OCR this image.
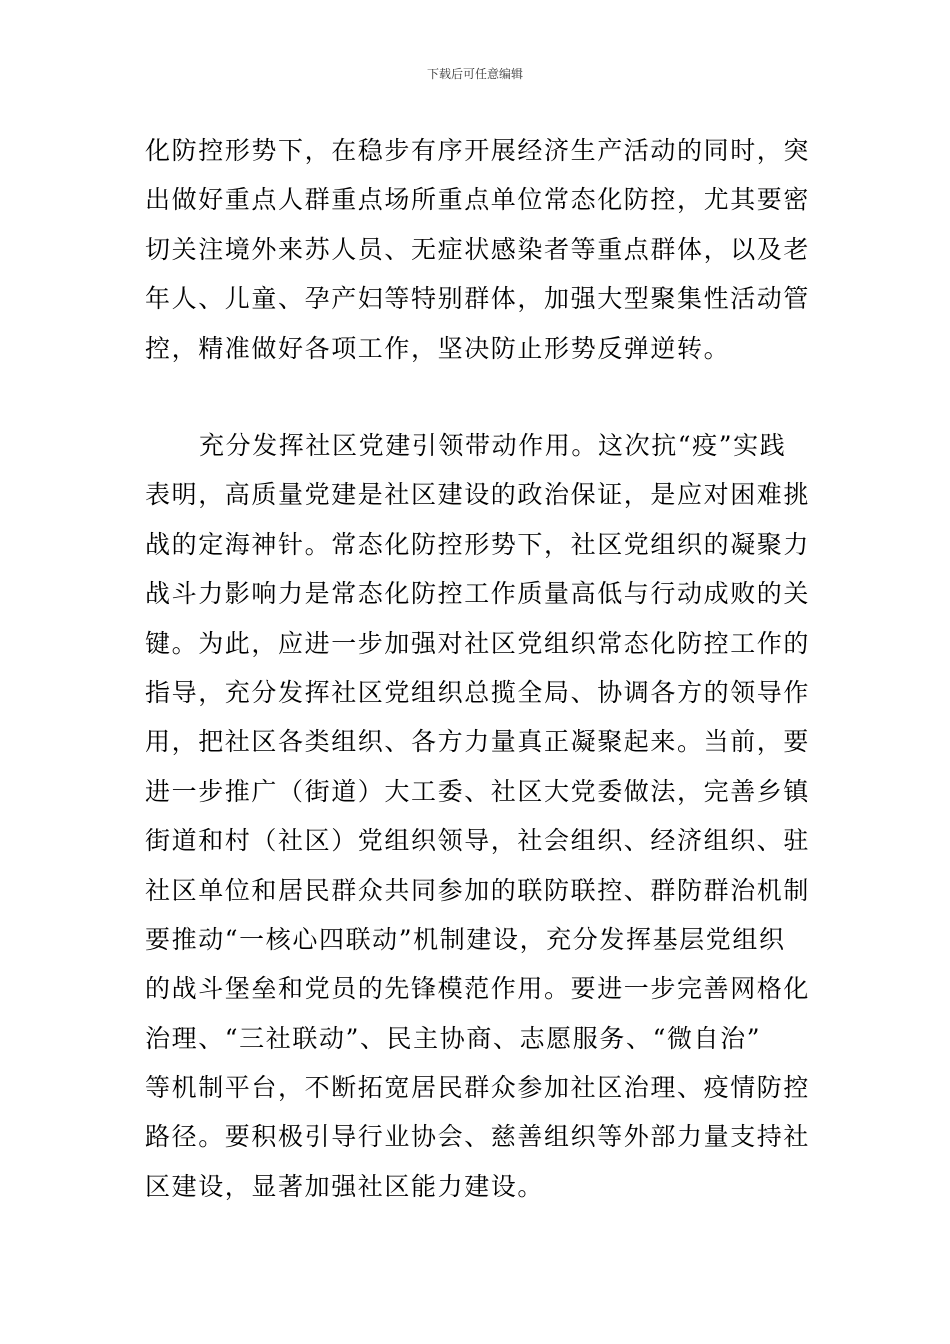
下载后可任意编辑
化防控形势下，在稳步有序开展经济生产活动的同时，突
出做好重点人群重点场所重点单位常态化防控，尤其要密
切关注境外来苏人员、无症状感染者等重点群体，以及老
年人、儿童、孕产妇等特别群体，加强大型聚集性活动管
控，精准做好各项工作，坚决防止形势反弹逆转。
充分发挥社区党建引领带动作用。这次抗“疫”实践
表明，高质量党建是社区建设的政治保证，是应对困难挑
战的定海神针。常态化防控形势下，社区党组织的凝聚力
战斗力影响力是常态化防控工作质量高低与行动成败的关
键。为此，应进一步加强对社区党组织常态化防控工作的
指导，充分发挥社区党组织总揽全局、协调各方的领导作
用，把社区各类组织、各方力量真正凝聚起来。当前，要
进一步推广（街道）大工委、社区大党委做法，完善乡镇
街道和村（社区）党组织领导，社会组织、经济组织、驻
社区单位和居民群众共同参加的联防联控、群防群治机制
要推动“一核心四联动”机制建设，充分发挥基层党组织
的战斗堡垒和党员的先锋模范作用。要进一步完善网格化
治理、“三社联动”、民主协商、志愿服务、“微自治”
等机制平台，不断拓宽居民群众参加社区治理、疫情防控
路径。要积极引导行业协会、慈善组织等外部力量支持社
区建设，显著加强社区能力建设。
